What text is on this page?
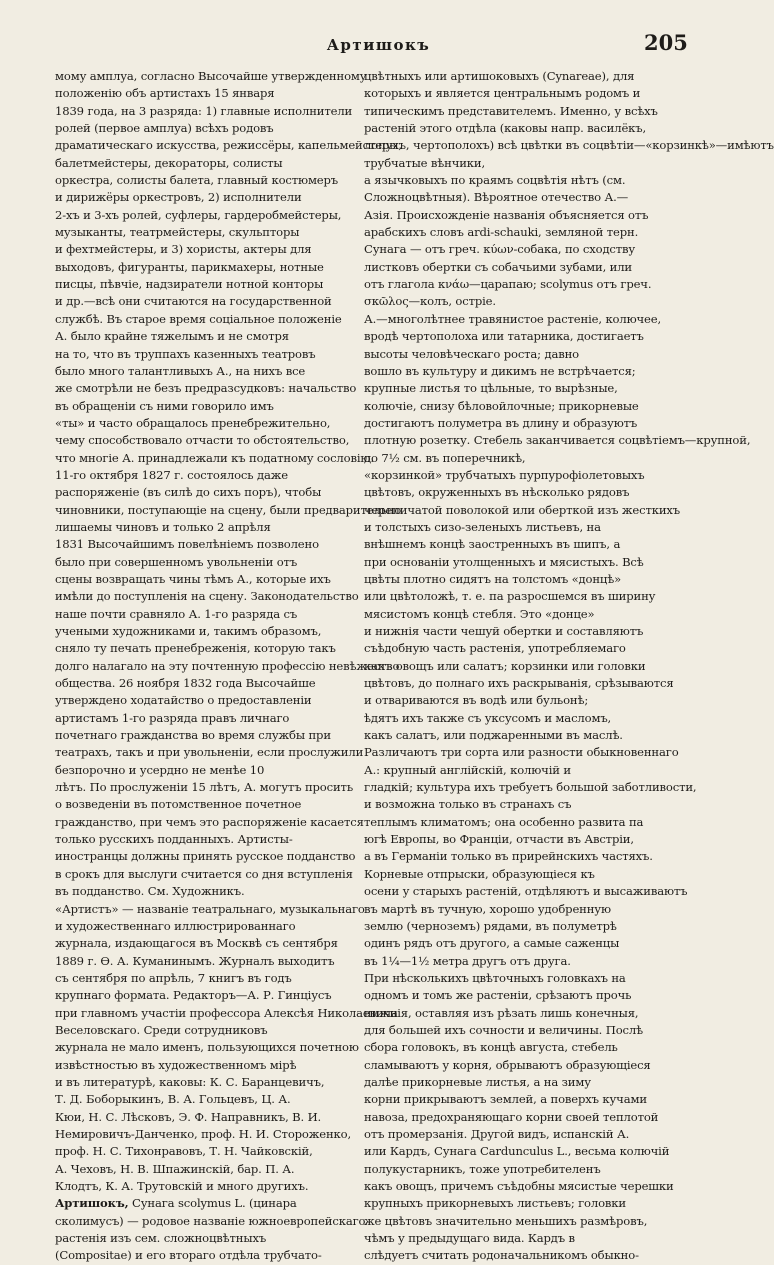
Артишокъ	205
мому амплуа, согласно Высочайше утвержденному
положенію объ артистахъ 15 января
1839 года, на 3 разряда: 1) главные исполнители
ролей (первое амплуа) всѣхъ родовъ
драматическаго искусства, режиссёры, капельмейстеры,
балетмейстеры, декораторы, солисты
оркестра, солисты балета, главный костюмеръ
и дирижёры оркестровъ, 2) исполнители
2-хъ и 3-хъ ролей, суфлеры, гардеробмейстеры,
музыканты, театрмейстеры, скульпторы
и фехтмейстеры, и 3) хористы, актеры для
выходовъ, фигуранты, парикмахеры, нотные
писцы, пѣвчіе, надзиратели нотной конторы
и др.—всѣ они считаются на государственной
службѣ. Въ старое время соціальное положеніе
А. было крайне тяжелымъ и не смотря
на то, что въ труппахъ казенныхъ театровъ
было много талантливыхъ А., на нихъ все
же смотрѣли не безъ предразсудковъ: начальство
въ обращеніи съ ними говорило имъ
«ты» и часто обращалось пренебрежительно,
чему способствовало отчасти то обстоятельство,
что многіе А. принадлежали къ податному сословію.
11-го октября 1827 г. состоялось даже
распоряженіе (въ силѣ до сихъ поръ), чтобы
чиновники, поступающіе на сцену, были предварительно
лишаемы чиновъ и только 2 апрѣля
1831 Высочайшимъ повелѣніемъ позволено
было при совершенномъ увольненіи отъ
сцены возвращать чины тѣмъ А., которые ихъ
имѣли до поступленія на сцену. Законодательство
наше почти сравняло А. 1-го разряда съ
учеными художниками и, такимъ образомъ,
сняло ту печать пренебреженія, которую такъ
долго налагало на эту почтенную профессію невѣжество
общества. 26 ноября 1832 года Высочайше
утверждено ходатайство о предоставленіи
артистамъ 1-го разряда правъ личнаго
почетнаго гражданства во время службы при
театрахъ, такъ и при увольненіи, если прослужили
безпорочно и усердно не менѣе 10
лѣтъ. По прослуженіи 15 лѣтъ, А. могутъ просить
о возведеніи въ потомственное почетное
гражданство, при чемъ это распоряженіе касается
только русскихъ подданныхъ. Артисты-
иностранцы должны принять русское подданство
в срокъ для выслуги считается со дня вступленія
въ подданство. См. Художникъ.
«Артистъ» — названіе театральнаго, музыкальнаго
и художественнаго иллюстрированнаго
журнала, издающагося въ Москвѣ съ сентября
1889 г. Ѳ. А. Куманинымъ. Журналъ выходитъ
съ сентября по апрѣль, 7 книгъ въ годъ
крупнаго формата. Редакторъ—А. Р. Гинціусъ
при главномъ участіи профессора Алексѣя Николаевича
Веселовскаго. Среди сотрудниковъ
журнала не мало именъ, пользующихся почетною
извѣстностью въ художественномъ мірѣ
и въ литературѣ, каковы: К. С. Баранцевичъ,
Т. Д. Боборыкинъ, В. А. Гольцевъ, Ц. А.
Кюи, Н. С. Лѣсковъ, Э. Ф. Направникъ, В. И.
Немировичъ-Данченко, проф. Н. И. Стороженко,
проф. Н. С. Тихонравовъ, Т. Н. Чайковскій,
А. Чеховъ, Н. В. Шпажинскій, бар. П. А.
Клодтъ, К. А. Трутовскій и много другихъ.
Артишокъ, Сунага scolymus L. (цинара
сколимусъ) — родовое названіе южноевропейскаго
растенія изъ сем. сложноцвѣтныхъ
(Compositae) и его втораго отдѣла трубчато-
цвѣтныхъ или артишоковыхъ (Cynareae), для
которыхъ и является центральнымъ родомъ и
типическимъ представителемъ. Именно, у всѣхъ
растеній этого отдѣла (каковы напр. василёкъ,
лопухъ, чертополохъ) всѣ цвѣтки въ соцвѣтіи—«корзинкѣ»—имѣютъ
трубчатые вѣнчики,
а язычковыхъ по краямъ соцвѣтія нѣтъ (см.
Сложноцвѣтныя). Вѣроятное отечество А.—
Азія. Происхожденіе названія объясняется отъ
арабскихъ словъ ardi-schauki, земляной терн.
Сунага — отъ греч. κύων-собака, по сходству
листковъ обертки съ собачьими зубами, или
отъ глагола κνάω—царапаю; scolymus отъ греч.
σκῶλος—колъ, остріе.
А.—многолѣтнее травянистое растеніе, колючее,
вродѣ чертополоха или татарника, достигаетъ
высоты человѣческаго роста; давно
вошло въ культуру и дикимъ не встрѣчается;
крупные листья то цѣльные, то вырѣзные,
колючіе, снизу бѣловойлочные; прикорневые
достигаютъ полуметра въ длину и образуютъ
плотную розетку. Стебель заканчивается соцвѣтіемъ—крупной,
до 7½ см. въ поперечникѣ,
«корзинкой» трубчатыхъ пурпурофіолетовыхъ
цвѣтовъ, окруженныхъ въ нѣсколько рядовъ
черепичатой поволокой или оберткой изъ жесткихъ
и толстыхъ сизо-зеленыхъ листьевъ, на
внѣшнемъ концѣ заостренныхъ въ шипъ, а
при основаніи утолщенныхъ и мясистыхъ. Всѣ
цвѣты плотно сидятъ на толстомъ «донцѣ»
или цвѣтоложѣ, т. е. па разросшемся въ ширину
мясистомъ концѣ стебля. Это «донце»
и нижнія части чешуй обертки и составляютъ
съѣдобную часть растенія, употребляемаго
какъ овощъ или салатъ; корзинки или головки
цвѣтовъ, до полнаго ихъ раскрыванія, срѣзываются
и отвариваются въ водѣ или бульонѣ;
ѣдятъ ихъ также съ уксусомъ и масломъ,
какъ салатъ, или поджаренными въ маслѣ.
Различаютъ три сорта или разности обыкновеннаго
А.: крупный англійскій, колючій и
гладкій; культура ихъ требуетъ большой заботливости,
и возможна только въ странахъ съ
теплымъ климатомъ; она особенно развита па
югѣ Европы, во Франціи, отчасти въ Австріи,
а въ Германіи только въ прирейнскихъ частяхъ.
Корневые отпрыски, образующіеся къ
осени у старыхъ растеній, отдѣляютъ и высаживаютъ
въ мартѣ въ тучную, хорошо удобренную
землю (черноземъ) рядами, въ полуметрѣ
одинъ рядъ отъ другого, а самые саженцы
въ 1¼—1½ метра другъ отъ друга.
При нѣсколькихъ цвѣточныхъ головкахъ на
одномъ и томъ же растеніи, срѣзаютъ прочь
нижнія, оставляя изъ рѣзать лишь конечныя,
для большей ихъ сочности и величины. Послѣ
сбора головокъ, въ концѣ августа, стебель
сламываютъ у корня, обрываютъ образующіеся
далѣе прикорневые листья, а на зиму
корни прикрываютъ землей, а поверхъ кучами
навоза, предохраняющаго корни своей теплотой
отъ промерзанія. Другой видъ, испанскій А.
или Кардъ, Сунага Cardunculus L., весьма колючій
полукустарникъ, тоже употребителенъ
какъ овощъ, причемъ съѣдобны мясистые черешки
крупныхъ прикорневыхъ листьевъ; головки
же цвѣтовъ значительно меньшихъ размѣровъ,
чѣмъ у предыдущаго вида. Кардъ в
слѣдуетъ считать родоначальникомъ обыкно-
